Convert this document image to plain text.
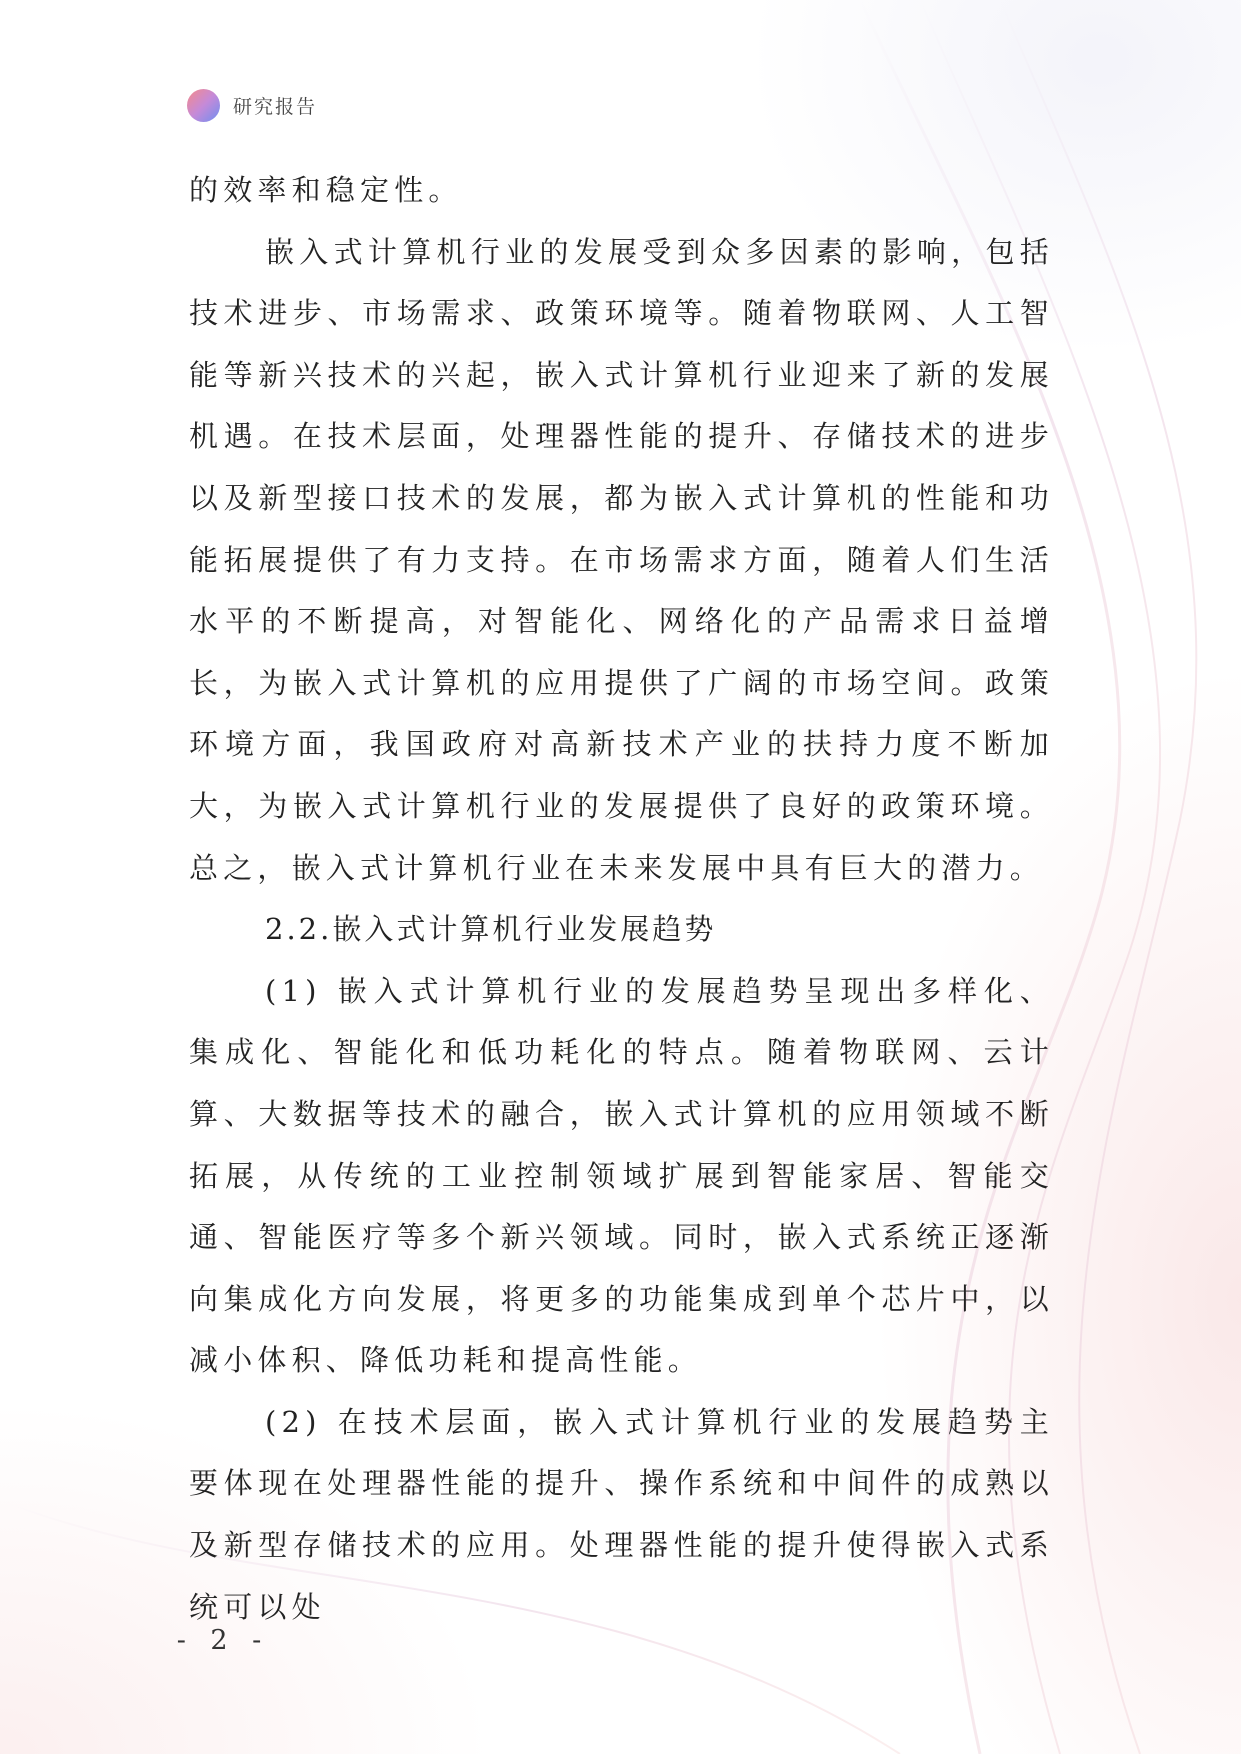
研究报告

的效率和稳定性。

嵌入式计算机行业的发展受到众多因素的影响，包括技术进步、市场需求、政策环境等。随着物联网、人工智能等新兴技术的兴起，嵌入式计算机行业迎来了新的发展机遇。在技术层面，处理器性能的提升、存储技术的进步以及新型接口技术的发展，都为嵌入式计算机的性能和功能拓展提供了有力支持。在市场需求方面，随着人们生活水平的不断提高，对智能化、网络化的产品需求日益增长，为嵌入式计算机的应用提供了广阔的市场空间。政策环境方面，我国政府对高新技术产业的扶持力度不断加大，为嵌入式计算机行业的发展提供了良好的政策环境。总之，嵌入式计算机行业在未来发展中具有巨大的潜力。

2.2.嵌入式计算机行业发展趋势

(1) 嵌入式计算机行业的发展趋势呈现出多样化、集成化、智能化和低功耗化的特点。随着物联网、云计算、大数据等技术的融合，嵌入式计算机的应用领域不断拓展，从传统的工业控制领域扩展到智能家居、智能交通、智能医疗等多个新兴领域。同时，嵌入式系统正逐渐向集成化方向发展，将更多的功能集成到单个芯片中，以减小体积、降低功耗和提高性能。

(2) 在技术层面，嵌入式计算机行业的发展趋势主要体现在处理器性能的提升、操作系统和中间件的成熟以及新型存储技术的应用。处理器性能的提升使得嵌入式系统可以处

- 2 -
